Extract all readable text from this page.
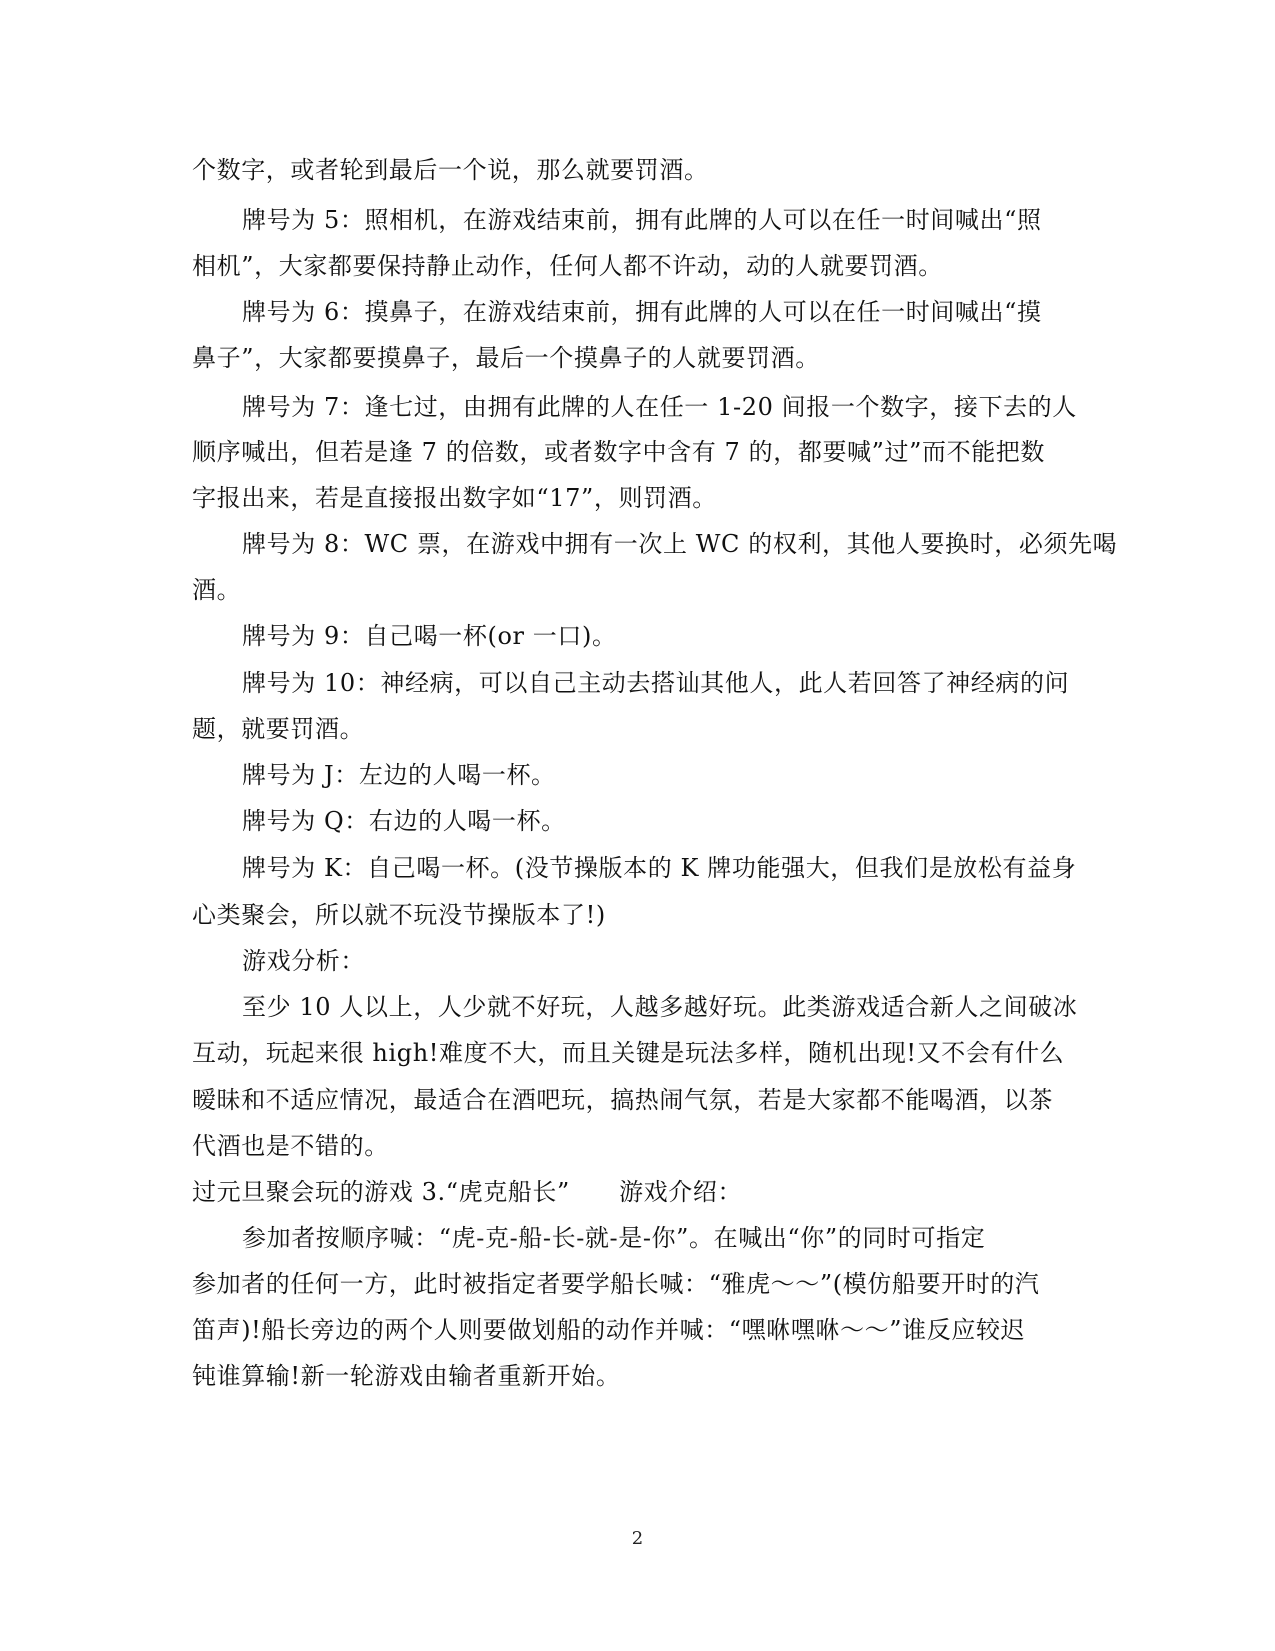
个数字，或者轮到最后一个说，那么就要罚酒。
牌号为 5：照相机，在游戏结束前，拥有此牌的人可以在任一时间喊出“照
相机”，大家都要保持静止动作，任何人都不许动，动的人就要罚酒。
牌号为 6：摸鼻子，在游戏结束前，拥有此牌的人可以在任一时间喊出“摸
鼻子”，大家都要摸鼻子，最后一个摸鼻子的人就要罚酒。
牌号为 7：逢七过，由拥有此牌的人在任一 1-20 间报一个数字，接下去的人
顺序喊出，但若是逢 7 的倍数，或者数字中含有 7 的，都要喊”过”而不能把数
字报出来，若是直接报出数字如“17”，则罚酒。
牌号为 8：WC 票，在游戏中拥有一次上 WC 的权利，其他人要换时，必须先喝
酒。
牌号为 9：自己喝一杯(or 一口)。
牌号为 10：神经病，可以自己主动去搭讪其他人，此人若回答了神经病的问
题，就要罚酒。
牌号为 J：左边的人喝一杯。
牌号为 Q：右边的人喝一杯。
牌号为 K：自己喝一杯。(没节操版本的 K 牌功能强大，但我们是放松有益身
心类聚会，所以就不玩没节操版本了!)
游戏分析：
至少 10 人以上，人少就不好玩，人越多越好玩。此类游戏适合新人之间破冰
互动，玩起来很 high!难度不大，而且关键是玩法多样，随机出现!又不会有什么
暧昧和不适应情况，最适合在酒吧玩，搞热闹气氛，若是大家都不能喝酒，以茶
代酒也是不错的。
过元旦聚会玩的游戏 3.“虎克船长”　　游戏介绍：
参加者按顺序喊：“虎-克-船-长-就-是-你”。在喊出“你”的同时可指定
参加者的任何一方，此时被指定者要学船长喊：“雅虎～～”(模仿船要开时的汽
笛声)!船长旁边的两个人则要做划船的动作并喊：“嘿咻嘿咻～～”谁反应较迟
钝谁算输!新一轮游戏由输者重新开始。
2
